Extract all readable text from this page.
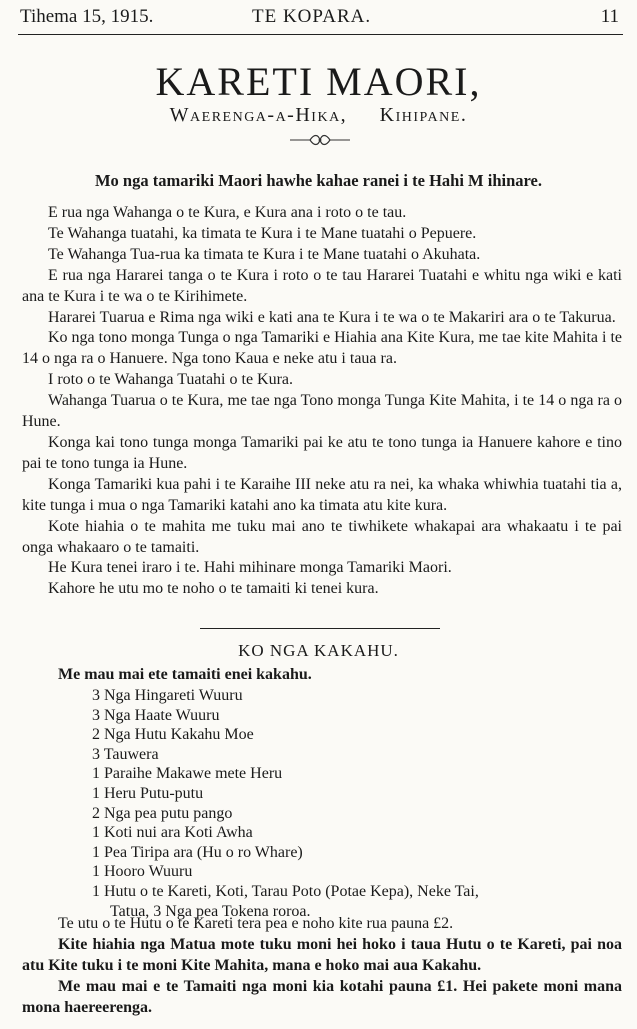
Tihema 15, 1915.	TE KOPARA.	11
KARETI MAORI,
Waerenga-a-Hika, Kihipane.
Mo nga tamariki Maori hawhe kahae ranei i te Hahi M ihinare.

E rua nga Wahanga o te Kura, e Kura ana i roto o te tau.

Te Wahanga tuatahi, ka timata te Kura i te Mane tuatahi o Pepuere.

Te Wahanga Tua-rua ka timata te Kura i te Mane tuatahi o Akuhata.

E rua nga Hararei tanga o te Kura i roto o te tau Hararei Tuatahi e whitu nga wiki e kati ana te Kura i te wa o te Kirihimete.

Hararei Tuarua e Rima nga wiki e kati ana te Kura i te wa o te Makariri ara o te Takurua.

Ko nga tono monga Tunga o nga Tamariki e Hiahia ana Kite Kura, me tae kite Mahita i te 14 o nga ra o Hanuere. Nga tono Kaua e neke atu i taua ra.

I roto o te Wahanga Tuatahi o te Kura.

Wahanga Tuarua o te Kura, me tae nga Tono monga Tunga Kite Mahita, i te 14 o nga ra o Hune.

Konga kai tono tunga monga Tamariki pai ke atu te tono tunga ia Hanuere kahore e tino pai te tono tunga ia Hune.

Konga Tamariki kua pahi i te Karaihe III neke atu ra nei, ka whaka whiwhia tuatahi tia a, kite tunga i mua o nga Tamariki katahi ano ka timata atu kite kura.

Kote hiahia o te mahita me tuku mai ano te tiwhikete whakapai ara whakaatu i te pai onga whakaaro o te tamaiti.

He Kura tenei iraro i te. Hahi mihinare monga Tamariki Maori.

Kahore he utu mo te noho o te tamaiti ki tenei kura.

KO NGA KAKAHU.
Me mau mai ete tamaiti enei kakahu.
3 Nga Hingareti Wuuru
3 Nga Haate Wuuru
2 Nga Hutu Kakahu Moe
3 Tauwera
1 Paraihe Makawe mete Heru
1 Heru Putu-putu
2 Nga pea putu pango
1 Koti nui ara Koti Awha
1 Pea Tiripa ara (Hu o ro Whare)
1 Hooro Wuuru
1 Hutu o te Kareti, Koti, Tarau Poto (Potae Kepa), Neke Tai,
Tatua, 3 Nga pea Tokena roroa.

Te utu o te Hutu o te Kareti tera pea e noho kite rua pauna £2.

Kite hiahia nga Matua mote tuku moni hei hoko i taua Hutu o te Kareti, pai noa atu Kite tuku i te moni Kite Mahita, mana e hoko mai aua Kakahu.

Me mau mai e te Tamaiti nga moni kia kotahi pauna £1. Hei pakete moni mana mona haereerenga.
